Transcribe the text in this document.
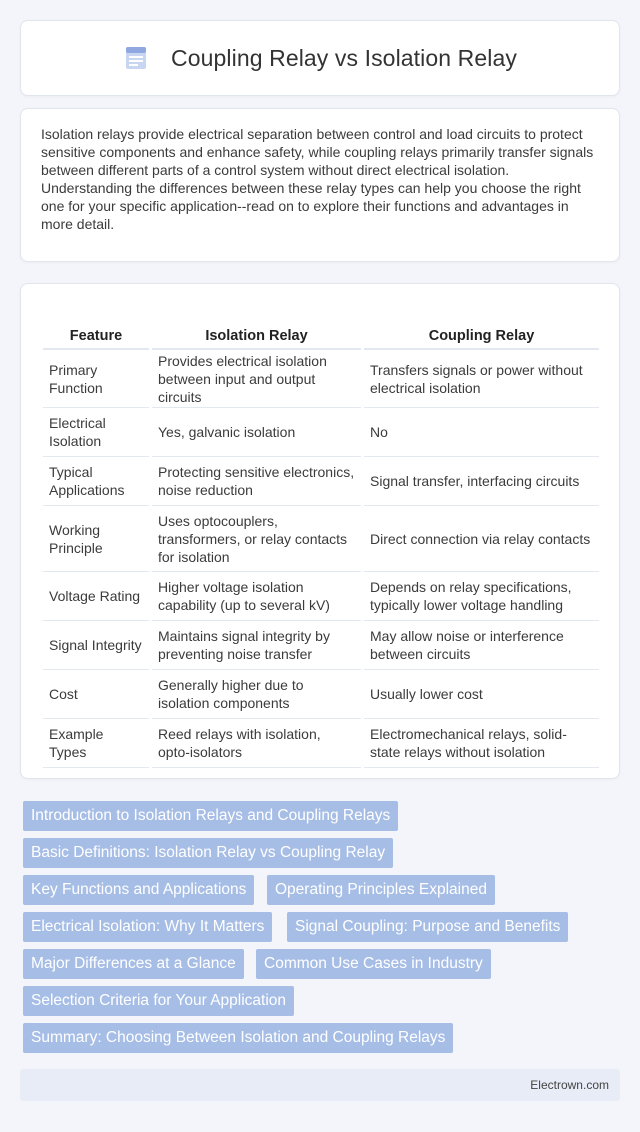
Coupling Relay vs Isolation Relay

Isolation relays provide electrical separation between control and load circuits to protect sensitive components and enhance safety, while coupling relays primarily transfer signals between different parts of a control system without direct electrical isolation. Understanding the differences between these relay types can help you choose the right one for your specific application--read on to explore their functions and advantages in more detail.

Feature		Isolation Relay		Coupling Relay
Primary Function		Provides electrical isolation between input and output circuits		Transfers signals or power without electrical isolation
Electrical Isolation		Yes, galvanic isolation		No
Typical Applications		Protecting sensitive electronics, noise reduction		Signal transfer, interfacing circuits
Working Principle		Uses optocouplers, transformers, or relay contacts for isolation		Direct connection via relay contacts
Voltage Rating		Higher voltage isolation capability (up to several kV)		Depends on relay specifications, typically lower voltage handling
Signal Integrity		Maintains signal integrity by preventing noise transfer		May allow noise or interference between circuits
Cost		Generally higher due to isolation components		Usually lower cost
Example Types		Reed relays with isolation, opto-isolators		Electromechanical relays, solid-state relays without isolation
Introduction to Isolation Relays and Coupling Relays
Basic Definitions: Isolation Relay vs Coupling Relay
Key Functions and Applications	Operating Principles Explained
Electrical Isolation: Why It Matters	Signal Coupling: Purpose and Benefits
Major Differences at a Glance	Common Use Cases in Industry
Selection Criteria for Your Application
Summary: Choosing Between Isolation and Coupling Relays
Electrown.com
